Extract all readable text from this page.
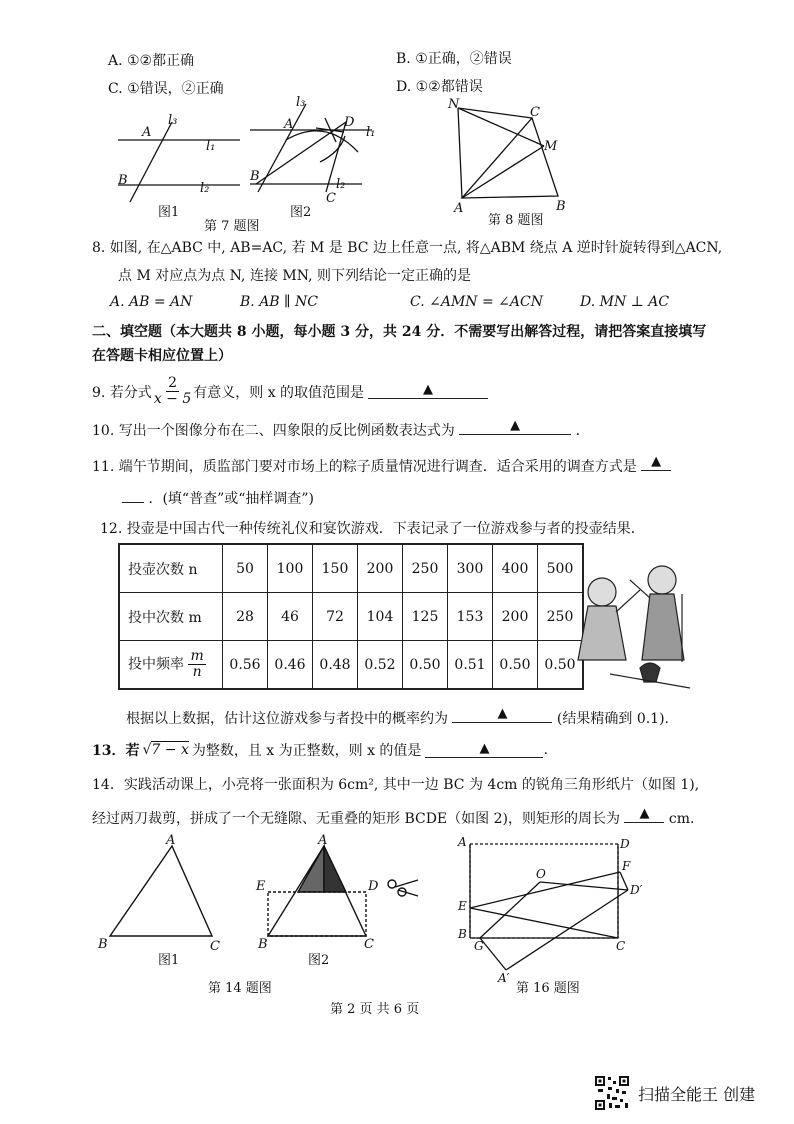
A. ①②都正确	B. ①正确，②错误
C. ①错误，②正确	D. ①②都错误
A
B
l₃
l₁
l₂
A
B
C
D
l₃
l₁
l₂
图1	图2
第 7 题图
N
C
M
A	B
第 8 题图
8. 如图, 在△ABC 中, AB=AC, 若 M 是 BC 边上任意一点, 将△ABM 绕点 A 逆时针旋转得到△ACN,
点 M 对应点为点 N, 连接 MN, 则下列结论一定正确的是
A. AB = AN	B. AB ∥ NC	C. ∠AMN = ∠ACN	D. MN ⊥ AC
二、填空题（本大题共 8 小题，每小题 3 分，共 24 分．不需要写出解答过程，请把答案直接填写
在答题卡相应位置上）
9. 若分式 $\frac{2}{x - 5}$ 有意义，则 x 的取值范围是	▲
10. 写出一个图像分布在二、四象限的反比例函数表达式为	▲	.
11. 端午节期间，质监部门要对市场上的粽子质量情况进行调查．适合采用的调查方式是 ▲
．(填“普查”或“抽样调查”)
12. 投壶是中国古代一种传统礼仪和宴饮游戏．下表记录了一位游戏参与者的投壶结果．
投壶次数 n	50	100	150	200	250	300	400	500
投中次数 m	28	46	72	104	125	153	200	250
投中频率 $\frac{m}{n}$	0.56	0.46	0.48	0.52	0.50	0.51	0.50	0.50
根据以上数据，估计这位游戏参与者投中的概率约为	▲	(结果精确到 0.1).
13．若 √7 − x 为整数，且 x 为正整数，则 x 的值是	▲	.
14．实践活动课上，小亮将一张面积为 6cm², 其中一边 BC 为 4cm 的锐角三角形纸片（如图 1),
经过两刀裁剪，拼成了一个无缝隙、无重叠的矩形 BCDE（如图 2)，则矩形的周长为 ▲ cm.
A
B	C
A
E	D
B	C
图1	图2
第 14 题图
A	D
F
O
D′
E
B
G	C
A′
第 16 题图
第 2 页 共 6 页
扫描全能王 创建
